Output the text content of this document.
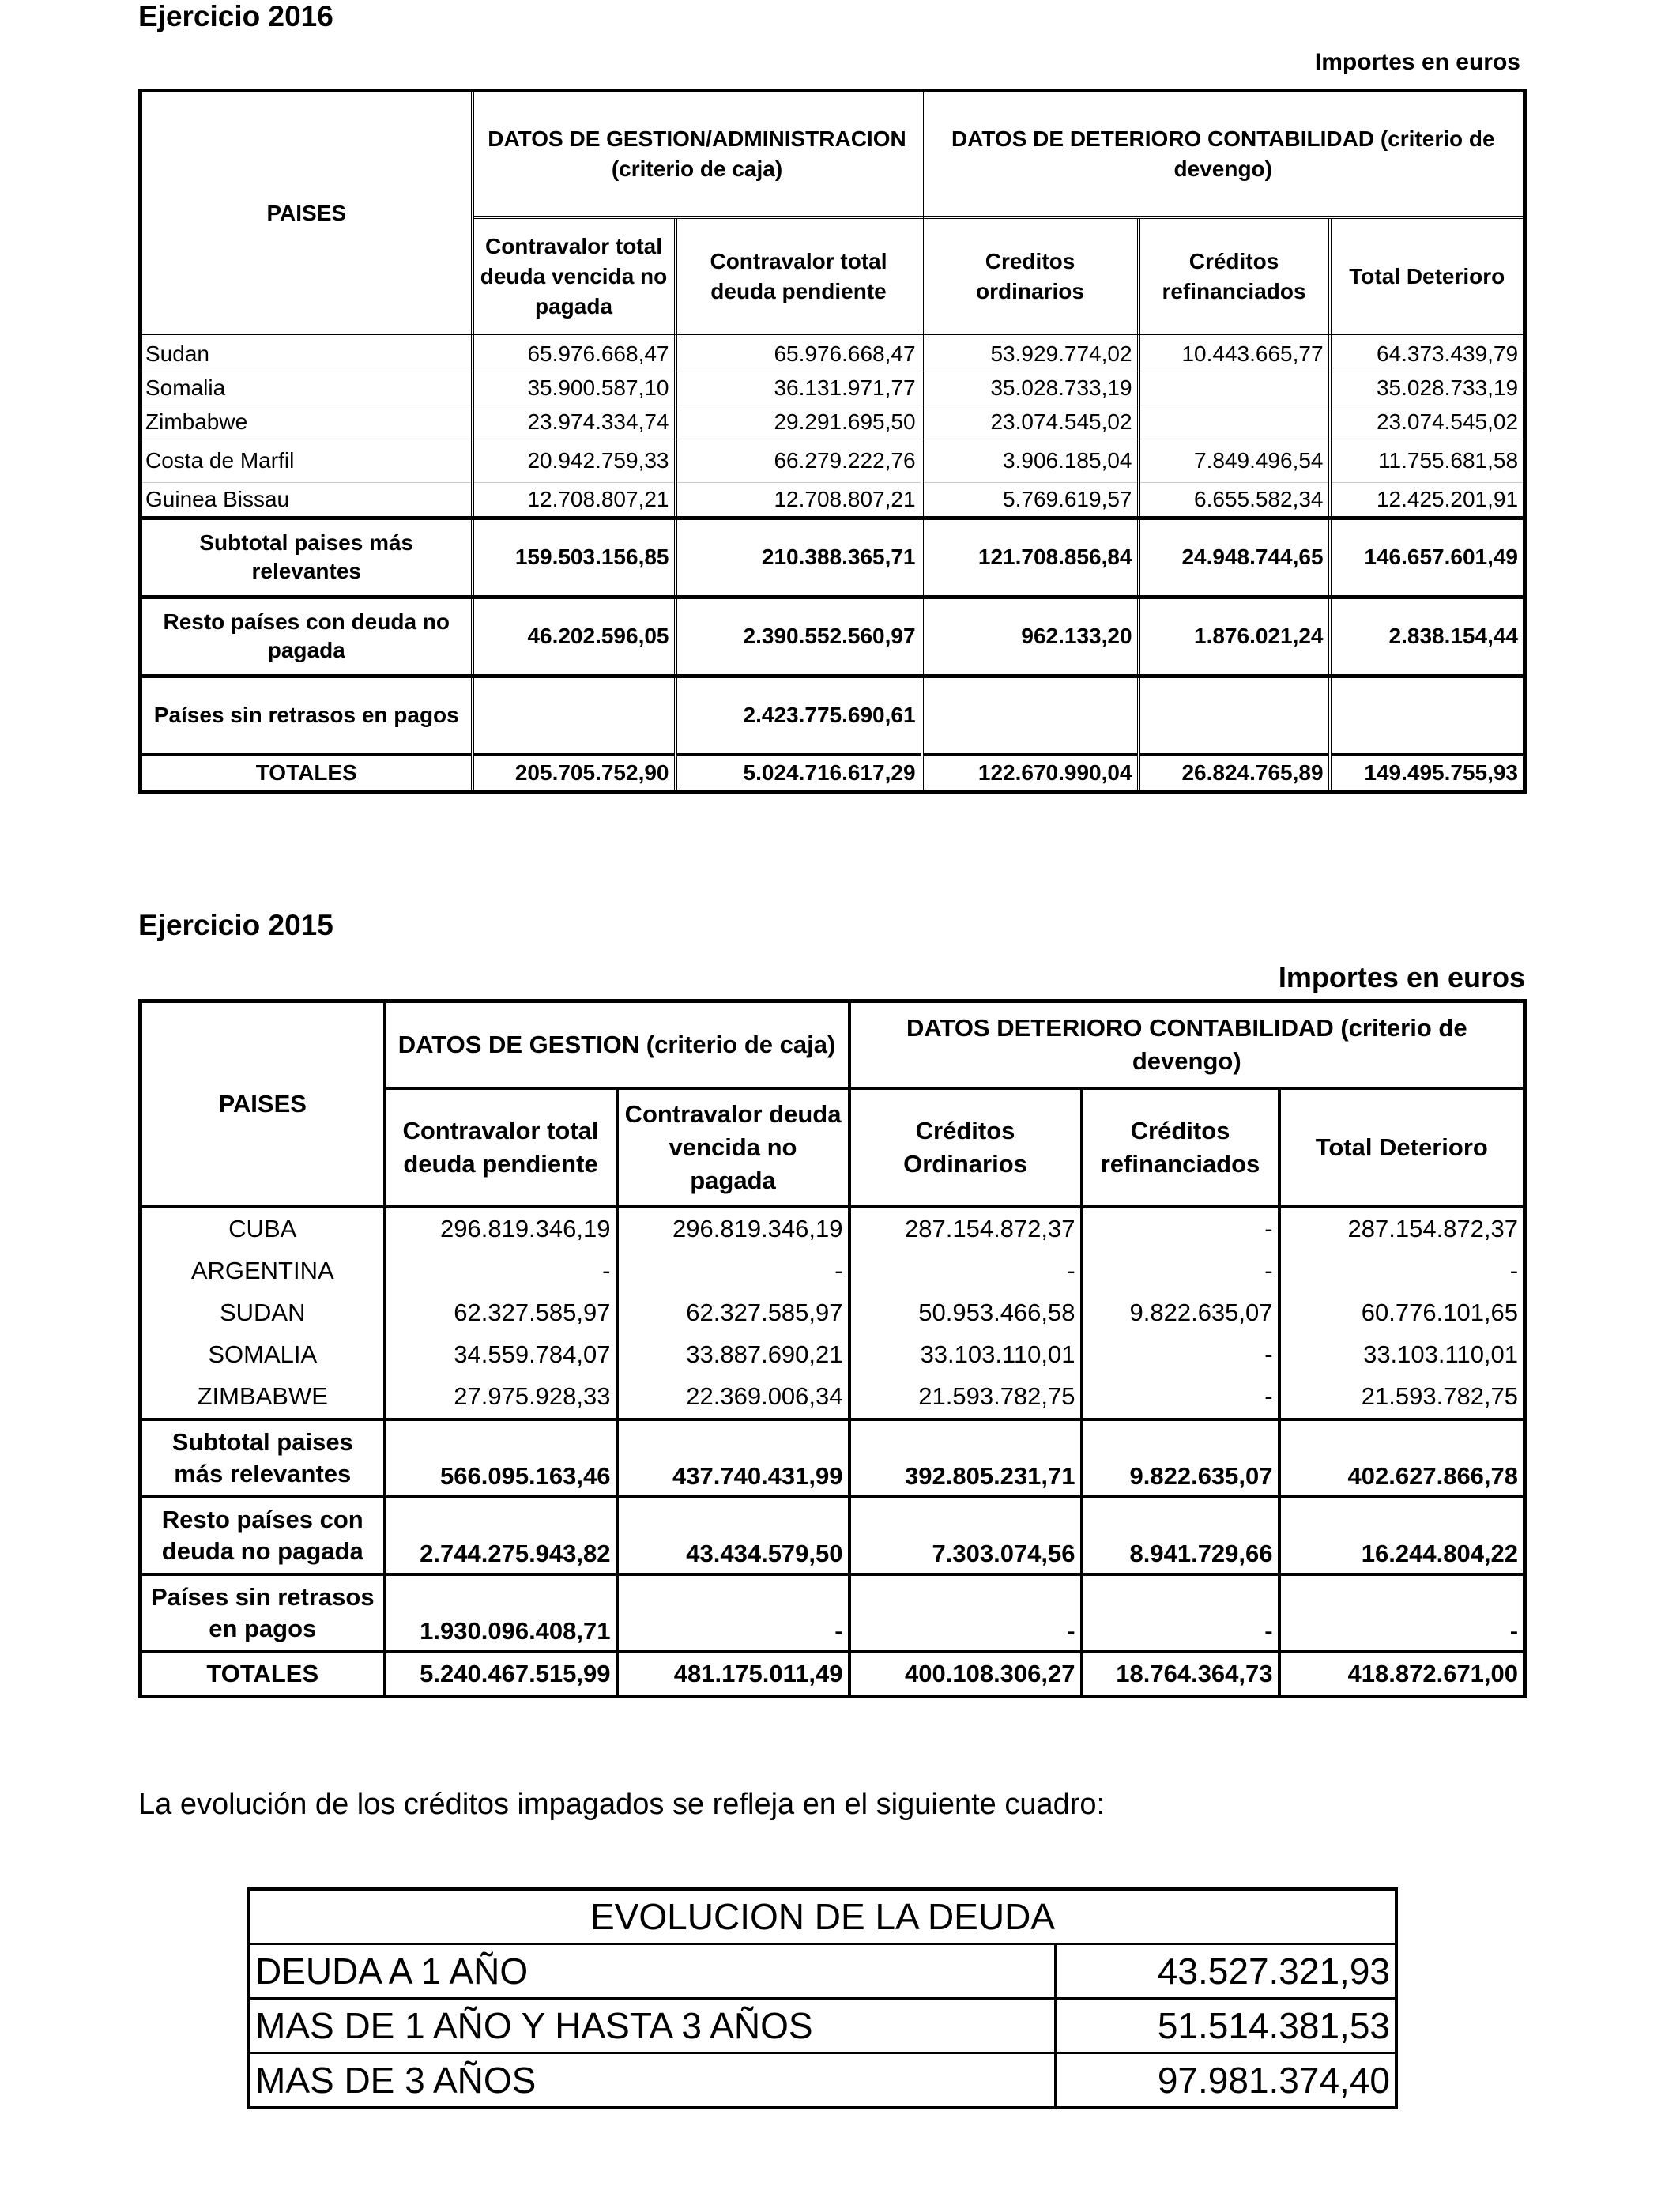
Ejercicio 2016
Importes en euros
PAISES	DATOS DE GESTION/ADMINISTRACION (criterio de caja)		DATOS DE DETERIORO CONTABILIDAD (criterio de devengo)		
	Contravalor total deuda vencida no pagada	Contravalor total deuda pendiente	Creditos ordinarios	Créditos refinanciados	Total Deterioro
Sudan	65.976.668,47	65.976.668,47	53.929.774,02	10.443.665,77	64.373.439,79
Somalia	35.900.587,10	36.131.971,77	35.028.733,19		35.028.733,19
Zimbabwe	23.974.334,74	29.291.695,50	23.074.545,02		23.074.545,02
Costa de Marfil	20.942.759,33	66.279.222,76	3.906.185,04	7.849.496,54	11.755.681,58
Guinea Bissau	12.708.807,21	12.708.807,21	5.769.619,57	6.655.582,34	12.425.201,91
Subtotal paises más relevantes	159.503.156,85	210.388.365,71	121.708.856,84	24.948.744,65	146.657.601,49
Resto países con deuda no pagada	46.202.596,05	2.390.552.560,97	962.133,20	1.876.021,24	2.838.154,44
Países sin retrasos en pagos		2.423.775.690,61			
TOTALES	205.705.752,90	5.024.716.617,29	122.670.990,04	26.824.765,89	149.495.755,93
Ejercicio 2015
Importes en euros
PAISES	DATOS DE GESTION (criterio de caja)		DATOS DETERIORO CONTABILIDAD (criterio de devengo)		
	Contravalor total deuda pendiente	Contravalor deuda vencida no pagada	Créditos Ordinarios	Créditos refinanciados	Total Deterioro
CUBA	296.819.346,19	296.819.346,19	287.154.872,37	-	287.154.872,37
ARGENTINA	-	-	-	-	-
SUDAN	62.327.585,97	62.327.585,97	50.953.466,58	9.822.635,07	60.776.101,65
SOMALIA	34.559.784,07	33.887.690,21	33.103.110,01	-	33.103.110,01
ZIMBABWE	27.975.928,33	22.369.006,34	21.593.782,75	-	21.593.782,75
Subtotal paises más relevantes	566.095.163,46	437.740.431,99	392.805.231,71	9.822.635,07	402.627.866,78
Resto países con deuda no pagada	2.744.275.943,82	43.434.579,50	7.303.074,56	8.941.729,66	16.244.804,22
Países sin retrasos en pagos	1.930.096.408,71	-	-	-	-
TOTALES	5.240.467.515,99	481.175.011,49	400.108.306,27	18.764.364,73	418.872.671,00
La evolución de los créditos impagados se refleja en el siguiente cuadro:
EVOLUCION DE LA DEUDA	
DEUDA A 1 AÑO	43.527.321,93
MAS DE 1 AÑO Y HASTA 3 AÑOS	51.514.381,53
MAS DE 3 AÑOS	97.981.374,40
